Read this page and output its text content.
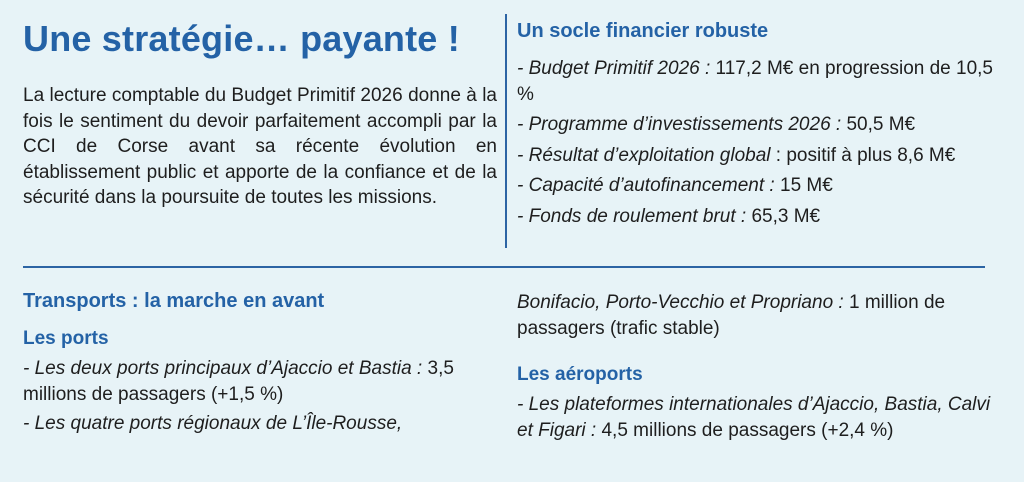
Une stratégie… payante !

La lecture comptable du Budget Primitif 2026 donne à la fois le sentiment du devoir parfaitement accompli par la CCI de Corse avant sa récente évolution en établissement public et apporte de la confiance et de la sécurité dans la poursuite de toutes les missions.

Un socle financier robuste
- Budget Primitif 2026 : 117,2 M€ en progression de 10,5 %
- Programme d’investissements 2026 : 50,5 M€
- Résultat d’exploitation global : positif à plus 8,6 M€
- Capacité d’autofinancement : 15 M€
- Fonds de roulement brut : 65,3 M€
Transports : la marche en avant
Les ports
- Les deux ports principaux d’Ajaccio et Bastia : 3,5 millions de passagers (+1,5 %)
- Les quatre ports régionaux de L’Île-Rousse,

Bonifacio, Porto-Vecchio et Propriano : 1 million de passagers (trafic stable)

Les aéroports
- Les plateformes internationales d’Ajaccio, Bastia, Calvi et Figari : 4,5 millions de passagers (+2,4 %)
